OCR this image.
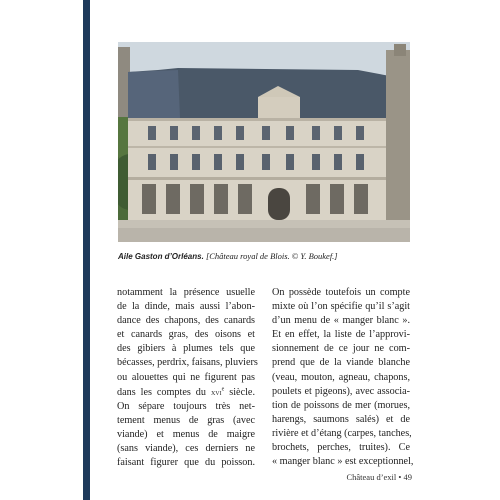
Aile Gaston d’Orléans. [Château royal de Blois. © Y. Boukef.]
notamment la présence usuelle
de la dinde, mais aussi l’abon-
dance des chapons, des canards
et canards gras, des oisons et
des gibiers à plumes tels que
bécasses, perdrix, faisans, pluviers
ou alouettes qui ne figurent pas
dans les comptes du xvi$^e$ siècle.
On sépare toujours très net-
tement menus de gras (avec
viande) et menus de maigre
(sans viande), ces derniers ne
faisant figurer que du poisson.
On possède toutefois un compte
mixte où l’on spécifie qu’il s’agit
d’un menu de « manger blanc ».
Et en effet, la liste de l’approvi-
sionnement de ce jour ne com-
prend que de la viande blanche
(veau, mouton, agneau, chapons,
poulets et pigeons), avec associa-
tion de poissons de mer (morues,
harengs, saumons salés) et de
rivière et d’étang (carpes, tanches,
brochets, perches, truites). Ce
« manger blanc » est exceptionnel,
Château d’exil • 49
